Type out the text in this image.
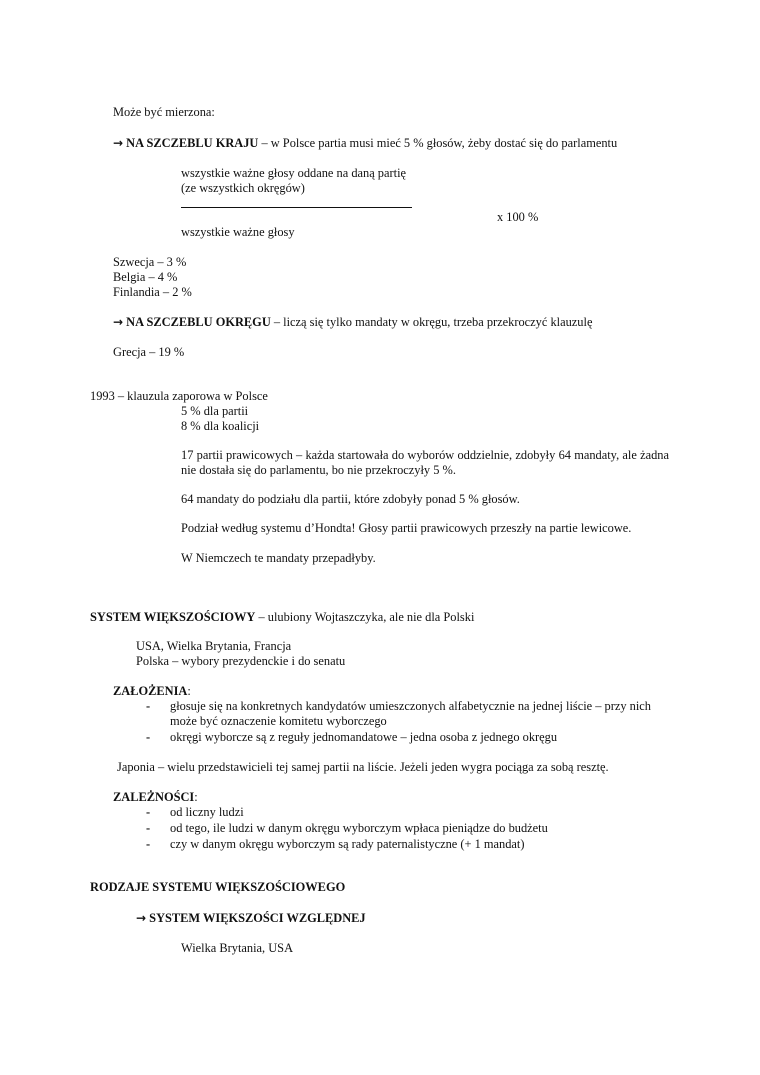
Może być mierzona:
→ NA SZCZEBLU KRAJU – w Polsce partia musi mieć 5 % głosów, żeby dostać się do parlamentu
wszystkie ważne głosy oddane na daną partię
(ze wszystkich okręgów)
x 100 %
wszystkie ważne głosy
Szwecja – 3 %
Belgia – 4 %
Finlandia – 2 %
→ NA SZCZEBLU OKRĘGU – liczą się tylko mandaty w okręgu, trzeba przekroczyć klauzulę
Grecja – 19 %
1993 – klauzula zaporowa w Polsce
5 % dla partii
8 % dla koalicji
17 partii prawicowych – każda startowała do wyborów oddzielnie, zdobyły 64 mandaty, ale żadna nie dostała się do parlamentu, bo nie przekroczyły 5 %.
64 mandaty do podziału dla partii, które zdobyły ponad 5 % głosów.
Podział według systemu d’Hondta! Głosy partii prawicowych przeszły na partie lewicowe.
W Niemczech te mandaty przepadłyby.
SYSTEM WIĘKSZOŚCIOWY – ulubiony Wojtaszczyka, ale nie dla Polski
USA, Wielka Brytania, Francja
Polska – wybory prezydenckie i do senatu
ZAŁOŻENIA:
- głosuje się na konkretnych kandydatów umieszczonych alfabetycznie na jednej liście – przy nich
może być oznaczenie komitetu wyborczego
- okręgi wyborcze są z reguły jednomandatowe – jedna osoba z jednego okręgu
Japonia – wielu przedstawicieli tej samej partii na liście. Jeżeli jeden wygra pociąga za sobą resztę.
ZALEŻNOŚCI:
- od liczny ludzi
- od tego, ile ludzi w danym okręgu wyborczym wpłaca pieniądze do budżetu
- czy w danym okręgu wyborczym są rady paternalistyczne (+ 1 mandat)
RODZAJE SYSTEMU WIĘKSZOŚCIOWEGO
→ SYSTEM WIĘKSZOŚCI WZGLĘDNEJ
Wielka Brytania, USA
